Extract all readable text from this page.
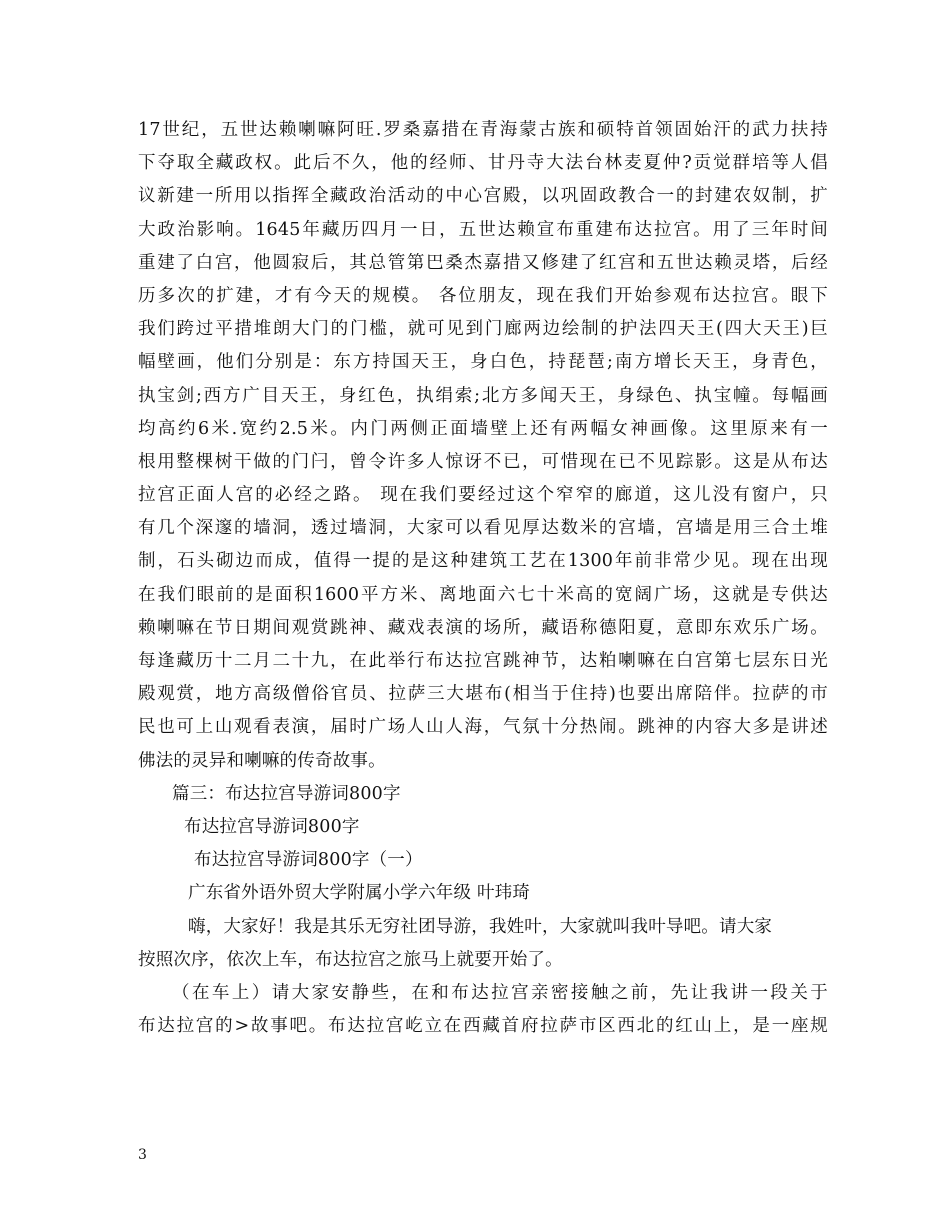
17世纪，五世达赖喇嘛阿旺.罗桑嘉措在青海蒙古族和硕特首领固始汗的武力扶持
下夺取全藏政权。此后不久，他的经师、甘丹寺大法台林麦夏仲?贡觉群培等人倡
议新建一所用以指挥全藏政治活动的中心宫殿，以巩固政教合一的封建农奴制，扩
大政治影响。1645年藏历四月一日，五世达赖宣布重建布达拉宫。用了三年时间
重建了白宫，他圆寂后，其总管第巴桑杰嘉措又修建了红宫和五世达赖灵塔，后经
历多次的扩建，才有今天的规模。 各位朋友，现在我们开始参观布达拉宫。眼下
我们跨过平措堆朗大门的门槛，就可见到门廊两边绘制的护法四天王(四大天王)巨
幅壁画，他们分别是：东方持国天王，身白色，持琵琶;南方增长天王，身青色，
执宝剑;西方广目天王，身红色，执绢索;北方多闻天王，身绿色、执宝幢。每幅画
均高约6米.宽约2.5米。内门两侧正面墙壁上还有两幅女神画像。这里原来有一
根用整棵树干做的门闩，曾令许多人惊讶不已，可惜现在已不见踪影。这是从布达
拉宫正面人宫的必经之路。 现在我们要经过这个窄窄的廊道，这儿没有窗户，只
有几个深邃的墙洞，透过墙洞，大家可以看见厚达数米的宫墙，宫墙是用三合土堆
制，石头砌边而成，值得一提的是这种建筑工艺在1300年前非常少见。现在出现
在我们眼前的是面积1600平方米、离地面六七十米高的宽阔广场，这就是专供达
赖喇嘛在节日期间观赏跳神、藏戏表演的场所，藏语称德阳夏，意即东欢乐广场。
每逢藏历十二月二十九，在此举行布达拉宫跳神节，达粕喇嘛在白宫第七层东日光
殿观赏，地方高级僧俗官员、拉萨三大堪布(相当于住持)也要出席陪伴。拉萨的市
民也可上山观看表演，届时广场人山人海，气氛十分热闹。跳神的内容大多是讲述
佛法的灵异和喇嘛的传奇故事。
篇三：布达拉宫导游词800字
布达拉宫导游词800字
布达拉宫导游词800字（一）
广东省外语外贸大学附属小学六年级 叶玮琦
嗨，大家好！我是其乐无穷社团导游，我姓叶，大家就叫我叶导吧。请大家
按照次序，依次上车，布达拉宫之旅马上就要开始了。
（在车上）请大家安静些，在和布达拉宫亲密接触之前，先让我讲一段关于
布达拉宫的>故事吧。布达拉宫屹立在西藏首府拉萨市区西北的红山上，是一座规
3
